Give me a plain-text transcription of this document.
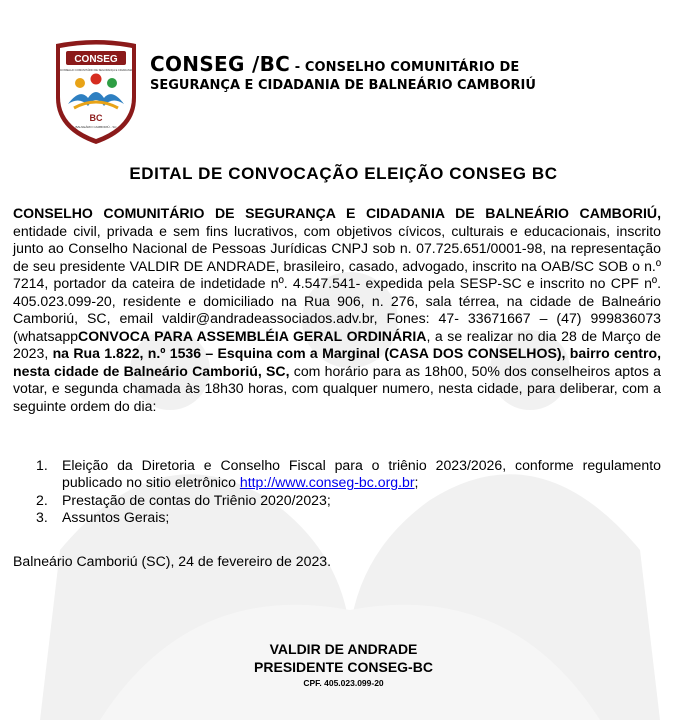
CONSEG
CONSELHO COMUNITÁRIO DE SEGURANÇA E CIDADANIA
BC
BALNEÁRIO CAMBORIÚ - SC
CONSEG /BC - CONSELHO COMUNITÁRIO DE
SEGURANÇA E CIDADANIA DE BALNEÁRIO CAMBORIÚ
EDITAL DE CONVOCAÇÃO ELEIÇÃO CONSEG BC
CONSELHO COMUNITÁRIO DE SEGURANÇA E CIDADANIA DE BALNEÁRIO CAMBORIÚ, entidade civil, privada e sem fins lucrativos, com objetivos cívicos, culturais e educacionais, inscrito junto ao Conselho Nacional de Pessoas Jurídicas CNPJ sob n. 07.725.651/0001-98, na representação de seu presidente VALDIR DE ANDRADE, brasileiro, casado, advogado, inscrito na OAB/SC SOB o n.º 7214, portador da cateira de indetidade nº. 4.547.541- expedida pela SESP-SC e inscrito no CPF nº. 405.023.099-20, residente e domiciliado na Rua 906, n. 276, sala térrea, na cidade de Balneário Camboriú, SC, email valdir@andradeassociados.adv.br, Fones: 47- 33671667 – (47) 999836073 (whatsappCONVOCA PARA ASSEMBLÉIA GERAL ORDINÁRIA, a se realizar no dia 28 de Março de 2023, na Rua 1.822, n.º 1536 – Esquina com a Marginal (CASA DOS CONSELHOS), bairro centro, nesta cidade de Balneário Camboriú, SC, com horário para as 18h00, 50% dos conselheiros aptos a votar, e segunda chamada às 18h30 horas, com qualquer numero, nesta cidade, para deliberar, com a seguinte ordem do dia:
1.	Eleição da Diretoria e Conselho Fiscal para o triênio 2023/2026, conforme regulamento publicado no sitio eletrônico http://www.conseg-bc.org.br;
2.	Prestação de contas do Triênio 2020/2023;
3.	Assuntos Gerais;
Balneário Camboriú (SC), 24 de fevereiro de 2023.
VALDIR DE ANDRADE
PRESIDENTE CONSEG-BC
CPF. 405.023.099-20
